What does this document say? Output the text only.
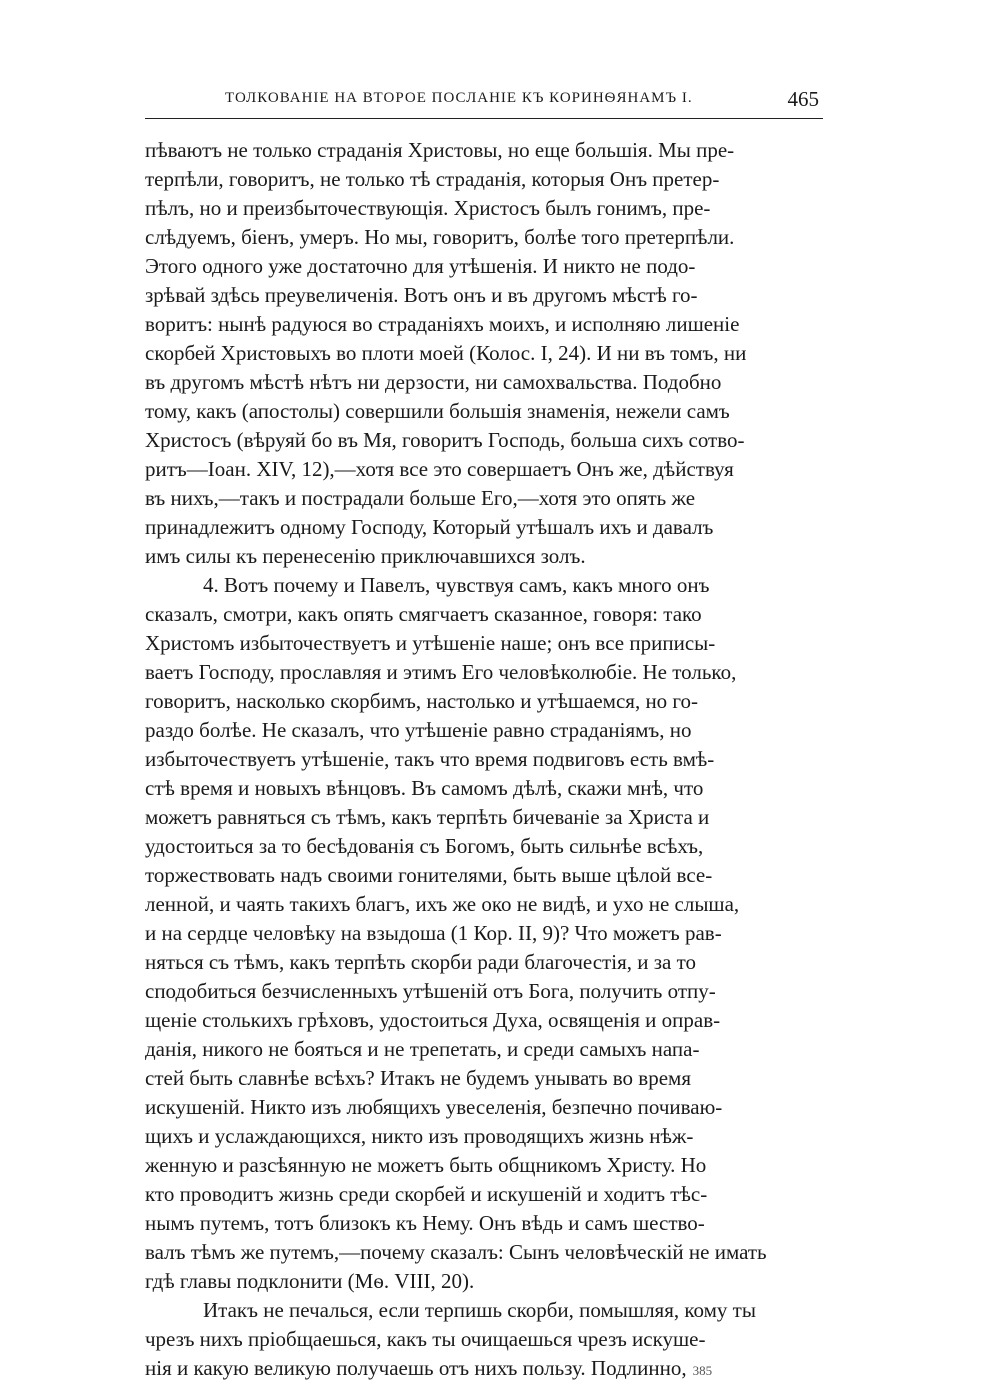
ТОЛКОВАНІЕ НА ВТОРОЕ ПОСЛАНІЕ КЪ КОРИНѲЯНАМЪ I.	465

пѣваютъ не только страданія Христовы, но еще большія. Мы пре-
терпѣли, говоритъ, не только тѣ страданія, которыя Онъ претер-
пѣлъ, но и преизбыточествующія. Христосъ былъ гонимъ, пре-
слѣдуемъ, біенъ, умеръ. Но мы, говоритъ, болѣе того претерпѣли.
Этого одного уже достаточно для утѣшенія. И никто не подо-
зрѣвай здѣсь преувеличенія. Вотъ онъ и въ другомъ мѣстѣ го-
воритъ: нынѣ радуюся во страданіяхъ моихъ, и исполняю лишеніе
скорбей Христовыхъ во плоти моей (Колос. I, 24). И ни въ томъ, ни
въ другомъ мѣстѣ нѣтъ ни дерзости, ни самохвальства. Подобно
тому, какъ (апостолы) совершили большія знаменія, нежели самъ
Христосъ (вѣруяй бо въ Мя, говоритъ Господь, больша сихъ сотво-
ритъ—Іоан. XIV, 12),—хотя все это совершаетъ Онъ же, дѣйствуя
въ нихъ,—такъ и пострадали больше Его,—хотя это опять же
принадлежитъ одному Господу, Который утѣшалъ ихъ и давалъ
имъ силы къ перенесенію приключавшихся золъ.

4. Вотъ почему и Павелъ, чувствуя самъ, какъ много онъ

сказалъ, смотри, какъ опять смягчаетъ сказанное, говоря: тако
Христомъ избыточествуетъ и утѣшеніе наше; онъ все приписы-
ваетъ Господу, прославляя и этимъ Его человѣколюбіе. Не только,
говоритъ, насколько скорбимъ, настолько и утѣшаемся, но го-
раздо болѣе. Не сказалъ, что утѣшеніе равно страданіямъ, но
избыточествуетъ утѣшеніе, такъ что время подвиговъ есть вмѣ-
стѣ время и новыхъ вѣнцовъ. Въ самомъ дѣлѣ, скажи мнѣ, что
можетъ равняться съ тѣмъ, какъ терпѣть бичеваніе за Христа и
удостоиться за то бесѣдованія съ Богомъ, быть сильнѣе всѣхъ,
торжествовать надъ своими гонителями, быть выше цѣлой все-
ленной, и чаять такихъ благъ, ихъ же око не видѣ, и ухо не слыша,
и на сердце человѣку на взыдоша (1 Кор. II, 9)? Что можетъ рав-
няться съ тѣмъ, какъ терпѣть скорби ради благочестія, и за то
сподобиться безчисленныхъ утѣшеній отъ Бога, получить отпу-
щеніе столькихъ грѣховъ, удостоиться Духа, освященія и оправ-
данія, никого не бояться и не трепетать, и среди самыхъ напа-
стей быть славнѣе всѣхъ? Итакъ не будемъ унывать во время
искушеній. Никто изъ любящихъ увеселенія, безпечно почиваю-
щихъ и услаждающихся, никто изъ проводящихъ жизнь нѣж-
женную и разсѣянную не можетъ быть общникомъ Христу. Но
кто проводитъ жизнь среди скорбей и искушеній и ходитъ тѣс-
нымъ путемъ, тотъ близокъ къ Нему. Онъ вѣдь и самъ шество-
валъ тѣмъ же путемъ,—почему сказалъ: Сынъ человѣческій не имать
гдѣ главы подклонити (Мѳ. VIII, 20).

Итакъ не печалься, если терпишь скорби, помышляя, кому ты

чрезъ нихъ пріобщаешься, какъ ты очищаешься чрезъ искуше-
нія и какую великую получаешь отъ нихъ пользу. Подлинно, 385
